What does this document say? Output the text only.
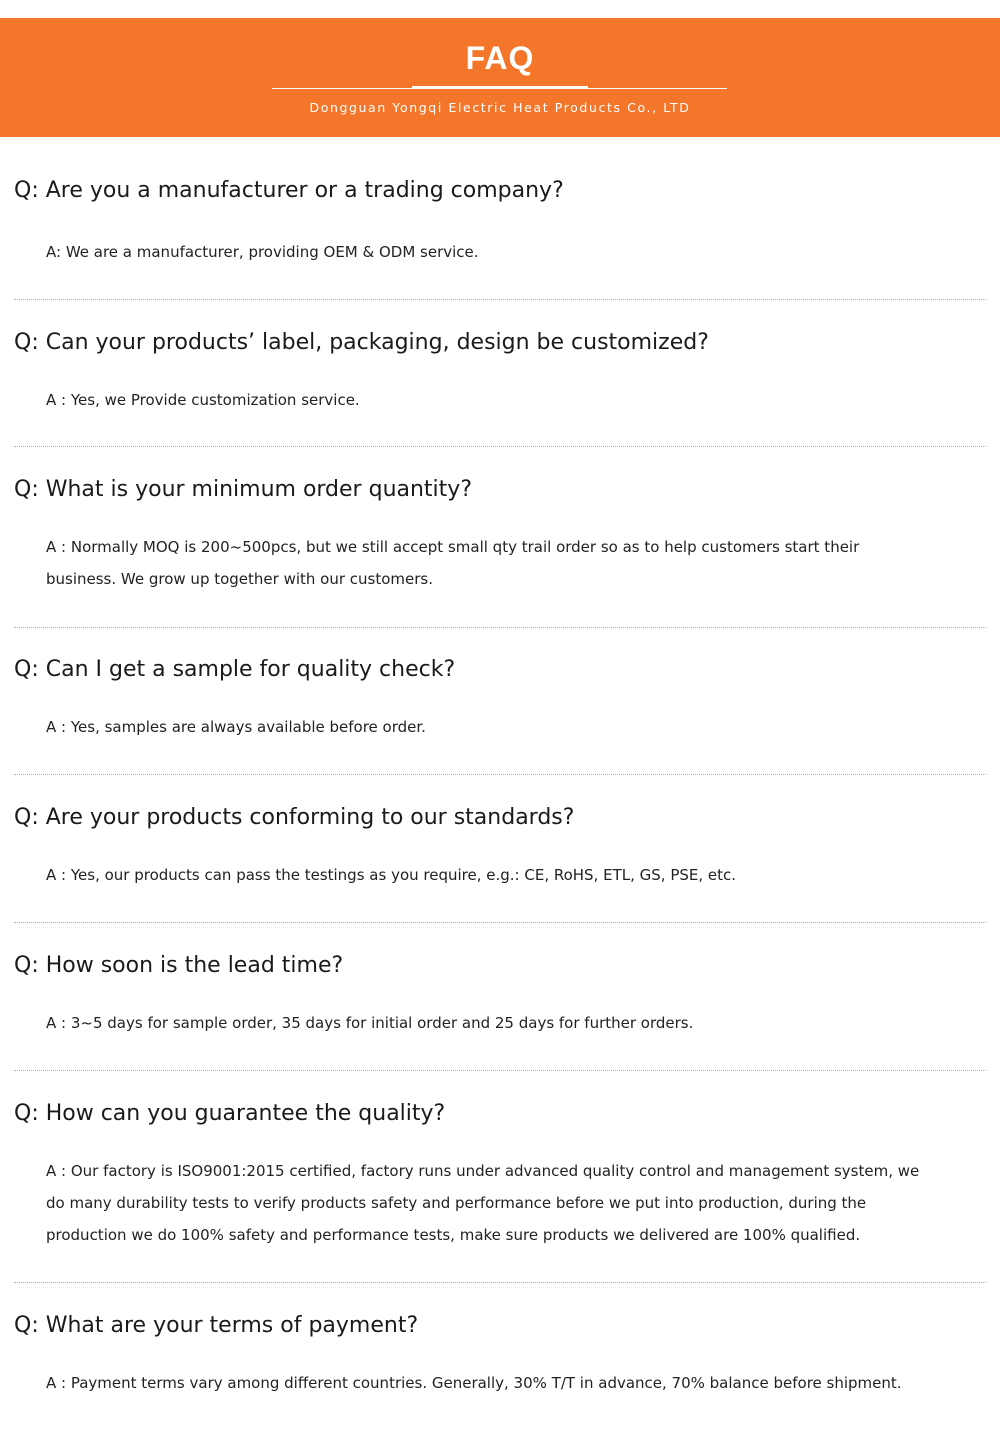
FAQ
Dongguan Yongqi Electric Heat Products Co., LTD
Q: Are you a manufacturer or a trading company?
A: We are a manufacturer, providing OEM & ODM service.
Q: Can your products’ label, packaging, design be customized?
A : Yes, we Provide customization service.
Q: What is your minimum order quantity?
A : Normally MOQ is 200~500pcs, but we still accept small qty trail order so as to help customers start their business. We grow up together with our customers.
Q: Can I get a sample for quality check?
A : Yes, samples are always available before order.
Q: Are your products conforming to our standards?
A : Yes, our products can pass the testings as you require, e.g.: CE, RoHS, ETL, GS, PSE, etc.
Q: How soon is the lead time?
A : 3~5 days for sample order, 35 days for initial order and 25 days for further orders.
Q: How can you guarantee the quality?
A : Our factory is ISO9001:2015 certified, factory runs under advanced quality control and management system, we do many durability tests to verify products safety and performance before we put into production, during the production we do 100% safety and performance tests, make sure products we delivered are 100% qualified.
Q: What are your terms of payment?
A : Payment terms vary among different countries. Generally, 30% T/T in advance, 70% balance before shipment.
